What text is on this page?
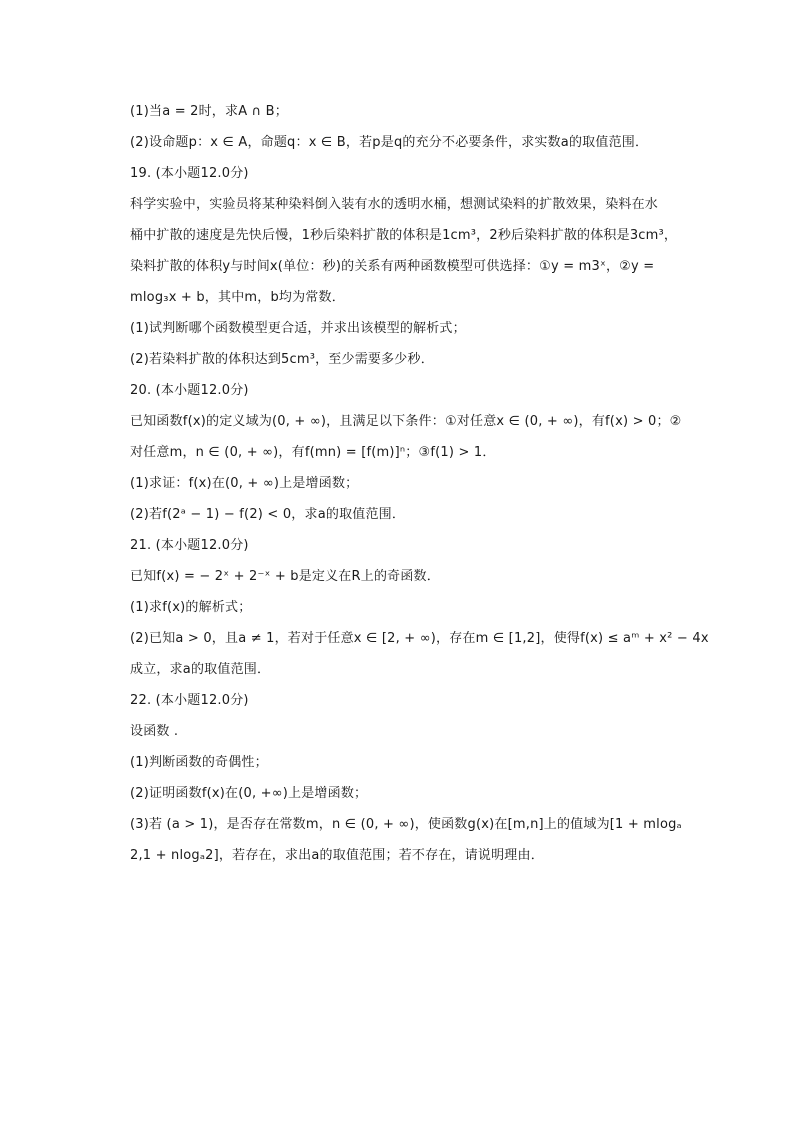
(1)当a = 2时，求A ∩ B；
(2)设命题p：x ∈ A，命题q：x ∈ B，若p是q的充分不必要条件，求实数a的取值范围．
19. (本小题12.0分)
科学实验中，实验员将某种染料倒入装有水的透明水桶，想测试染料的扩散效果，染料在水
桶中扩散的速度是先快后慢，1秒后染料扩散的体积是1cm³，2秒后染料扩散的体积是3cm³，
染料扩散的体积y与时间x(单位：秒)的关系有两种函数模型可供选择：①y = m3ˣ，②y =
mlog₃x + b，其中m，b均为常数．
(1)试判断哪个函数模型更合适，并求出该模型的解析式；
(2)若染料扩散的体积达到5cm³，至少需要多少秒．
20. (本小题12.0分)
已知函数f(x)的定义域为(0, + ∞)，且满足以下条件：①对任意x ∈ (0, + ∞)，有f(x) > 0；②
对任意m，n ∈ (0, + ∞)，有f(mn) = [f(m)]ⁿ；③f(1) > 1．
(1)求证：f(x)在(0, + ∞)上是增函数；
(2)若f(2ᵃ − 1) − f(2) < 0，求a的取值范围．
21. (本小题12.0分)
已知f(x) = − 2ˣ + 2⁻ˣ + b是定义在R上的奇函数．
(1)求f(x)的解析式；
(2)已知a > 0，且a ≠ 1，若对于任意x ∈ [2, + ∞)，存在m ∈ [1,2]，使得f(x) ≤ aᵐ + x² − 4x
成立，求a的取值范围．
22. (本小题12.0分)
设函数 .
(1)判断函数的奇偶性；
(2)证明函数f(x)在(0, +∞)上是增函数；
(3)若 (a > 1)，是否存在常数m，n ∈ (0, + ∞)，使函数g(x)在[m,n]上的值域为[1 + mlogₐ
2,1 + nlogₐ2]，若存在，求出a的取值范围；若不存在，请说明理由．
